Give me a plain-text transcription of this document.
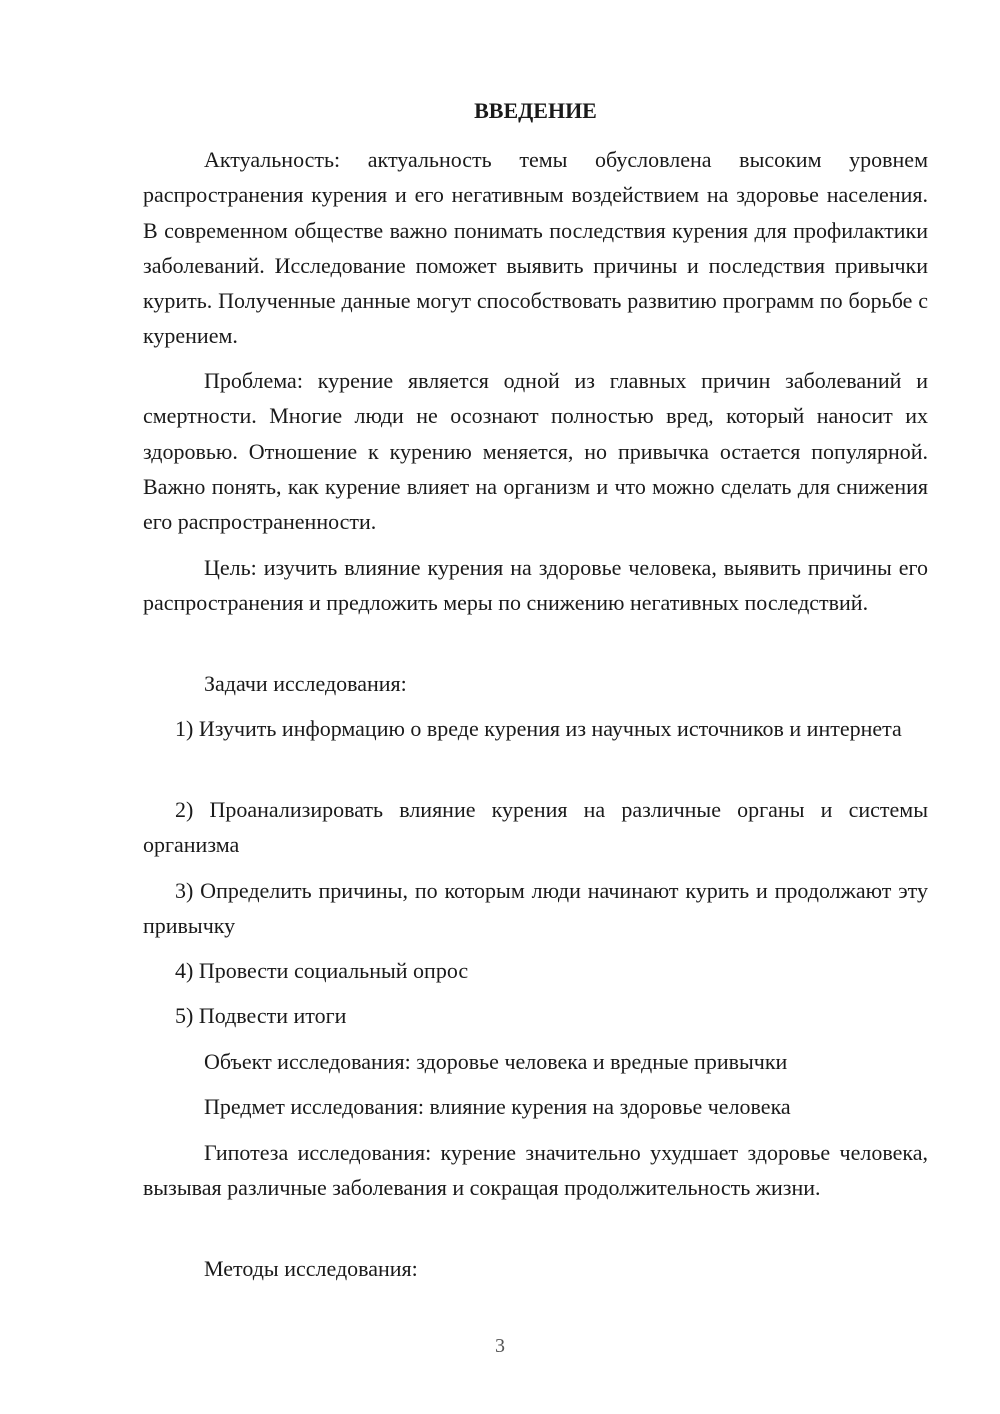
ВВЕДЕНИЕ

Актуальность: актуальность темы обусловлена высоким уровнем распространения курения и его негативным воздействием на здоровье населения. В современном обществе важно понимать последствия курения для профилактики заболеваний. Исследование поможет выявить причины и последствия привычки курить. Полученные данные могут способствовать развитию программ по борьбе с курением.

Проблема: курение является одной из главных причин заболеваний и смертности. Многие люди не осознают полностью вред, который наносит их здоровью. Отношение к курению меняется, но привычка остается популярной. Важно понять, как курение влияет на организм и что можно сделать для снижения его распространенности.

Цель: изучить влияние курения на здоровье человека, выявить причины его распространения и предложить меры по снижению негативных последствий.

Задачи исследования:

1) Изучить информацию о вреде курения из научных источников и интернета

2) Проанализировать влияние курения на различные органы и системы организма

3) Определить причины, по которым люди начинают курить и продолжают эту привычку

4) Провести социальный опрос

5) Подвести итоги

Объект исследования: здоровье человека и вредные привычки

Предмет исследования: влияние курения на здоровье человека

Гипотеза исследования: курение значительно ухудшает здоровье человека, вызывая различные заболевания и сокращая продолжительность жизни.

Методы исследования:

3
